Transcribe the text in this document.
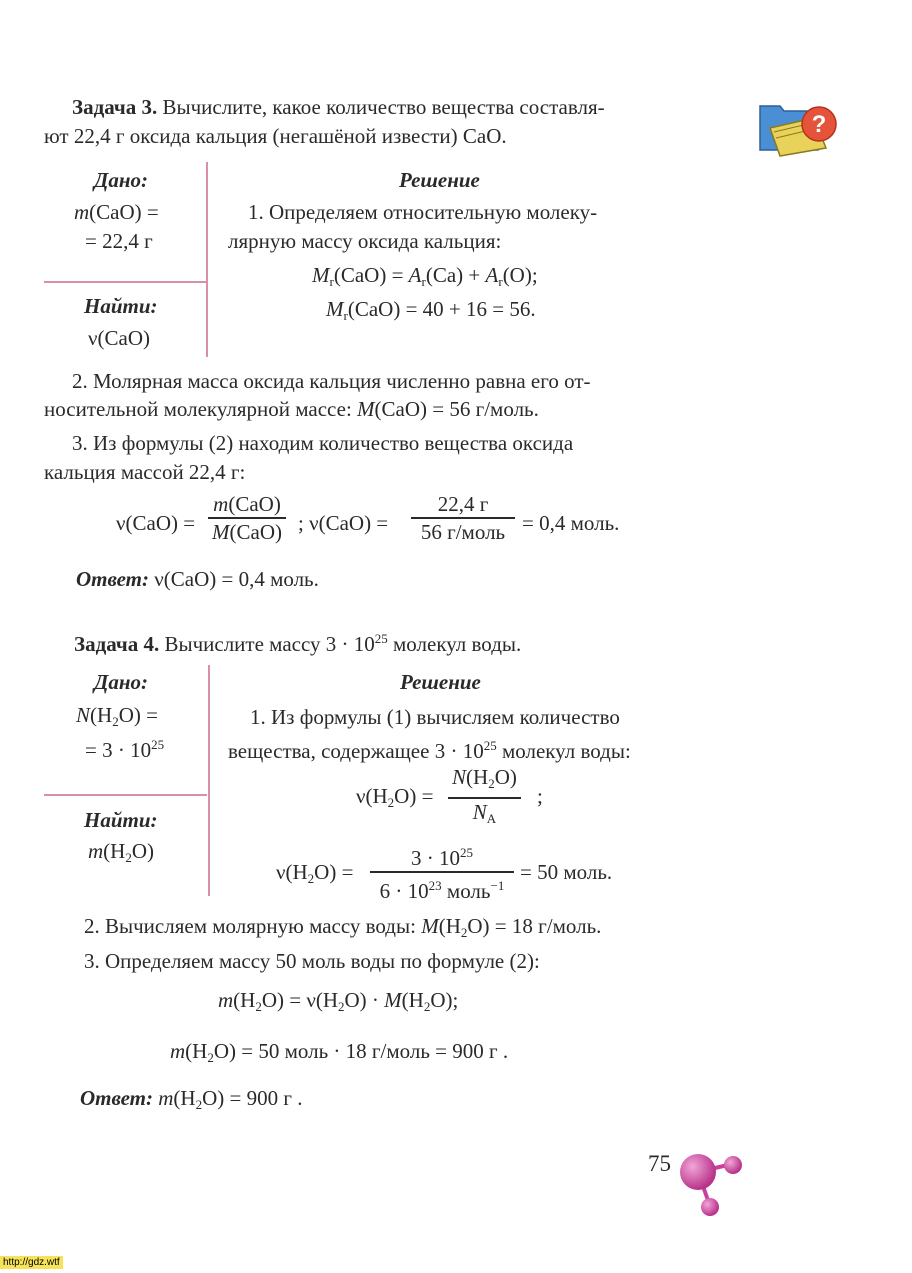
Задача 3. Вычислите, какое количество вещества составля-
ют 22,4 г оксида кальция (негашёной извести) CaO.	?
Дано:
m(CaO) =
= 22,4 г
Найти:
ν(CaO)
Решение
1. Определяем относительную молеку-
лярную массу оксида кальция:
$M_r(CaO) = A_r(Ca) + A_r(O)$;
$M_r(CaO) = 40 + 16 = 56$.
2. Молярная масса оксида кальция численно равна его от-
носительной молекулярной массе: M(CaO) = 56 г/моль.
3. Из формулы (2) находим количество вещества оксида
кальция массой 22,4 г:
ν(CaO) =
m(CaO)
M(CaO) ; ν(CaO) =
22,4 г
56 г/моль = 0,4 моль.
Ответ: ν(CaO) = 0,4 моль.
Задача 4. Вычислите массу $3 \cdot 10^{25}$ молекул воды.
Дано:
$N(H_2O)$ =
= $3 \cdot 10^{25}$
Найти:
$m(H_2O)$
Решение
1. Из формулы (1) вычисляем количество
вещества, содержащее $3 \cdot 10^{25}$ молекул воды:
$\nu(H_2O)$ =
$N(H_2O)$
$N_A$
;
$\nu(H_2O)$ =
$3 \cdot 10^{25}$
$6 \cdot 10^{23}$ моль$^{-1}$
= 50 моль.
2. Вычисляем молярную массу воды: $M(H_2O) = 18$ г/моль.
3. Определяем массу 50 моль воды по формуле (2):
$m(H_2O) = \nu(H_2O) \cdot M(H_2O)$;
$m(H_2O) = 50$ моль · 18 г/моль = 900 г .
Ответ: $m(H_2O) = 900$ г .
75
http://gdz.wtf
